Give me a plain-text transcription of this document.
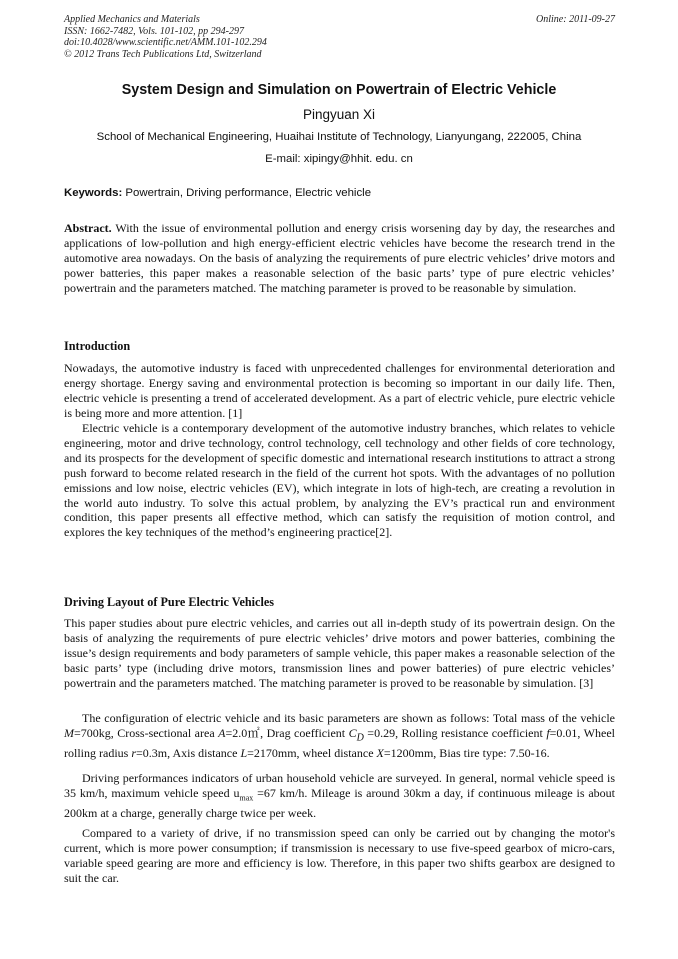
Applied Mechanics and Materials
ISSN: 1662-7482, Vols. 101-102, pp 294-297
doi:10.4028/www.scientific.net/AMM.101-102.294
© 2012 Trans Tech Publications Ltd, Switzerland
Online: 2011-09-27
System Design and Simulation on Powertrain of Electric Vehicle
Pingyuan Xi
School of Mechanical Engineering, Huaihai Institute of Technology, Lianyungang, 222005, China
E-mail: xipingy@hhit. edu. cn
Keywords: Powertrain, Driving performance, Electric vehicle
Abstract. With the issue of environmental pollution and energy crisis worsening day by day, the researches and applications of low-pollution and high energy-efficient electric vehicles have become the research trend in the automotive area nowadays. On the basis of analyzing the requirements of pure electric vehicles’ drive motors and power batteries, this paper makes a reasonable selection of the basic parts’ type of pure electric vehicles’ powertrain and the parameters matched. The matching parameter is proved to be reasonable by simulation.
Introduction
Nowadays, the automotive industry is faced with unprecedented challenges for environmental deterioration and energy shortage. Energy saving and environmental protection is becoming so important in our daily life. Then, electric vehicle is presenting a trend of accelerated development. As a part of electric vehicle, pure electric vehicle is being more and more attention. [1]
Electric vehicle is a contemporary development of the automotive industry branches, which relates to vehicle engineering, motor and drive technology, control technology, cell technology and other fields of core technology, and its prospects for the development of specific domestic and international research institutions to attract a strong push forward to become related research in the field of the current hot spots. With the advantages of no pollution emissions and low noise, electric vehicles (EV), which integrate in lots of high-tech, are creating a revolution in the world auto industry. To solve this actual problem, by analyzing the EV’s practical run and environment condition, this paper presents all effective method, which can satisfy the requisition of motion control, and explores the key techniques of the method’s engineering practice[2].
Driving Layout of Pure Electric Vehicles
This paper studies about pure electric vehicles, and carries out all in-depth study of its powertrain design. On the basis of analyzing the requirements of pure electric vehicles’ drive motors and power batteries, combining the issue’s design requirements and body parameters of sample vehicle, this paper makes a reasonable selection of the basic parts’ type (including drive motors, transmission lines and power batteries) of pure electric vehicles’ powertrain and the parameters matched. The matching parameter is proved to be reasonable by simulation. [3]
The configuration of electric vehicle and its basic parameters are shown as follows: Total mass of the vehicle M=700kg, Cross-sectional area A=2.0㎡, Drag coefficient $C_D =0.29$, Rolling resistance coefficient f=0.01, Wheel rolling radius r=0.3m, Axis distance L=2170mm, wheel distance X=1200mm, Bias tire type: 7.50-16.
Driving performances indicators of urban household vehicle are surveyed. In general, normal vehicle speed is 35 km/h, maximum vehicle speed $u_{max} =67$ km/h. Mileage is around 30km a day, if continuous mileage is about 200km at a charge, generally charge twice per week.
Compared to a variety of drive, if no transmission speed can only be carried out by changing the motor's current, which is more power consumption; if transmission is necessary to use five-speed gearbox of micro-cars, variable speed gearing are more and efficiency is low. Therefore, in this paper two shifts gearbox are designed to suit the car.
